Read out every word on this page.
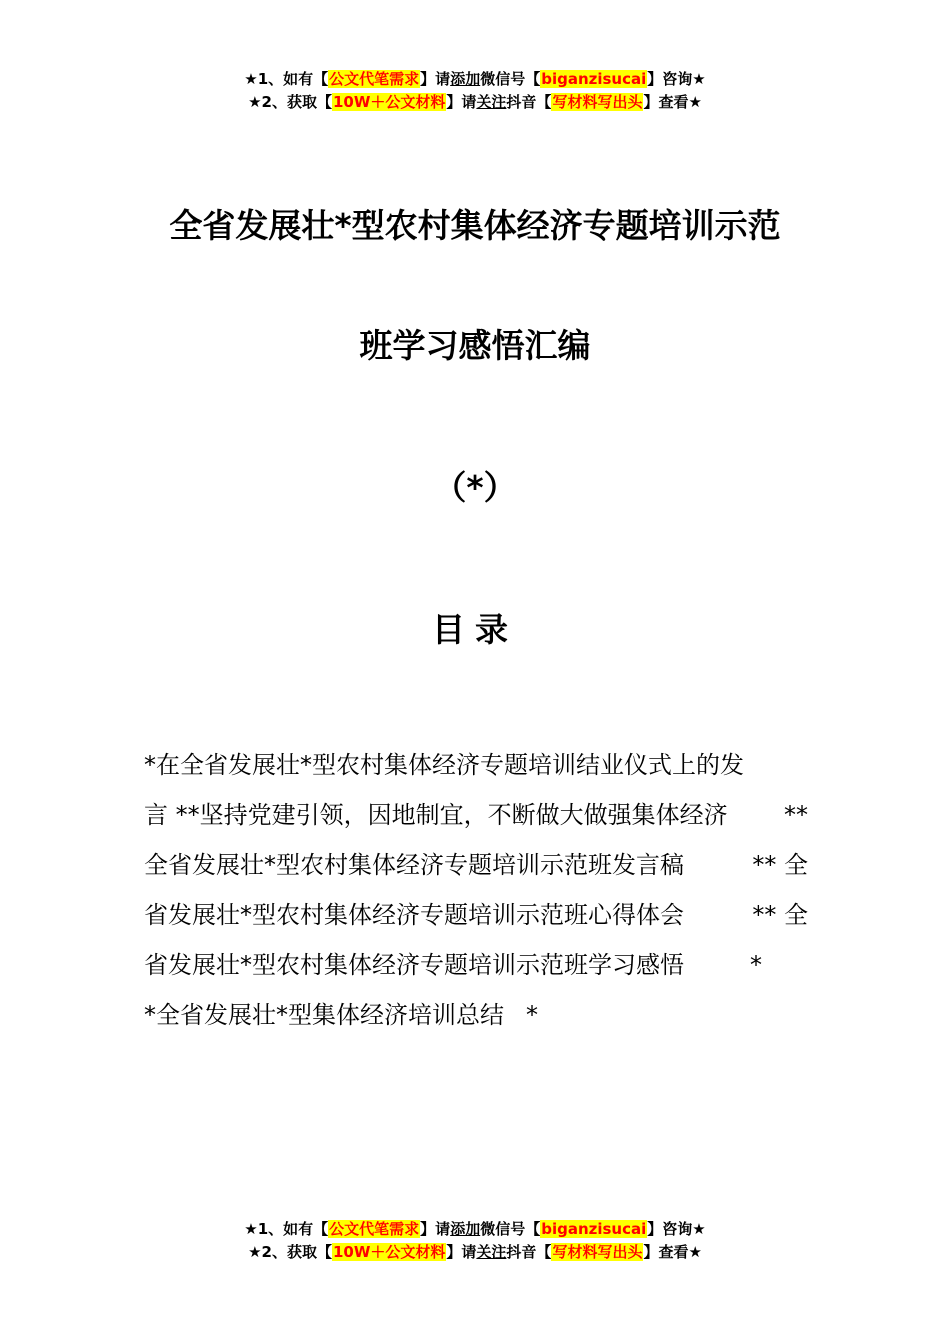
★1、如有【公文代笔需求】请添加微信号【biganzisucai】咨询★
★2、获取【10W＋公文材料】请关注抖音【写材料写出头】查看★
全省发展壮*型农村集体经济专题培训示范
班学习感悟汇编
（*）
目录
*在全省发展壮*型农村集体经济专题培训结业仪式上的发
言 **坚持党建引领，因地制宜，不断做大做强集体经济 **
全省发展壮*型农村集体经济专题培训示范班发言稿	** 全
省发展壮*型农村集体经济专题培训示范班心得体会	** 全
省发展壮*型农村集体经济专题培训示范班学习感悟	*
*全省发展壮*型集体经济培训总结 *
★1、如有【公文代笔需求】请添加微信号【biganzisucai】咨询★
★2、获取【10W＋公文材料】请关注抖音【写材料写出头】查看★
